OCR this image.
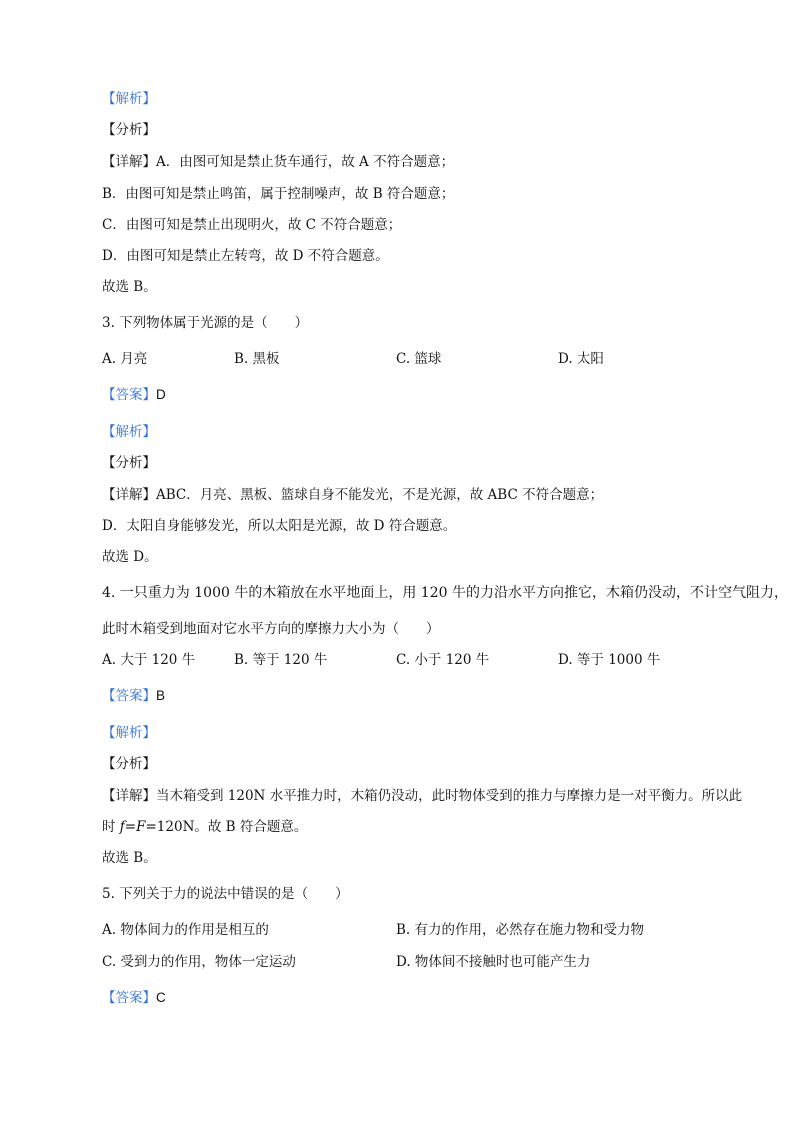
【解析】
【分析】
【详解】A．由图可知是禁止货车通行，故 A 不符合题意；
B．由图可知是禁止鸣笛，属于控制噪声，故 B 符合题意；
C．由图可知是禁止出现明火，故 C 不符合题意；
D．由图可知是禁止左转弯，故 D 不符合题意。
故选 B。
3. 下列物体属于光源的是（　　）
A. 月亮	B. 黑板	C. 篮球	D. 太阳
【答案】D
【解析】
【分析】
【详解】ABC．月亮、黑板、篮球自身不能发光，不是光源，故 ABC 不符合题意；
D．太阳自身能够发光，所以太阳是光源，故 D 符合题意。
故选 D。
4. 一只重力为 1000 牛的木箱放在水平地面上，用 120 牛的力沿水平方向推它，木箱仍没动，不计空气阻力，
此时木箱受到地面对它水平方向的摩擦力大小为（　　）
A. 大于 120 牛	B. 等于 120 牛	C. 小于 120 牛	D. 等于 1000 牛
【答案】B
【解析】
【分析】
【详解】当木箱受到 120N 水平推力时，木箱仍没动，此时物体受到的推力与摩擦力是一对平衡力。所以此
时 f=F=120N。故 B 符合题意。
故选 B。
5. 下列关于力的说法中错误的是（　　）
A. 物体间力的作用是相互的	B. 有力的作用，必然存在施力物和受力物
C. 受到力的作用，物体一定运动	D. 物体间不接触时也可能产生力
【答案】C
